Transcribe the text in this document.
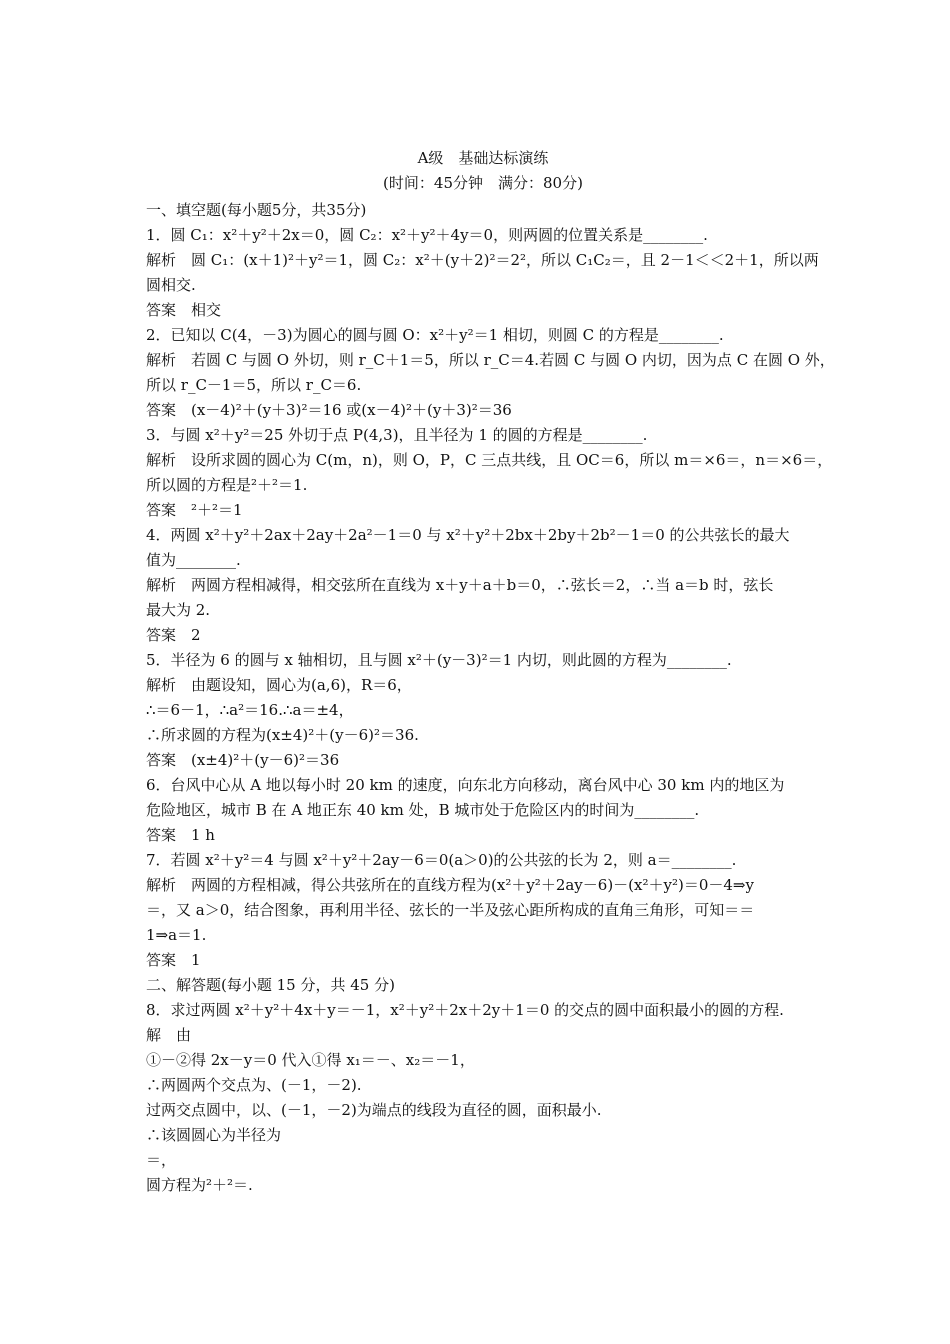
A级　基础达标演练
(时间：45分钟　满分：80分)
一、填空题(每小题5分，共35分)
1．圆 C₁：x²＋y²＋2x＝0，圆 C₂：x²＋y²＋4y＝0，则两圆的位置关系是________.
解析　圆 C₁：(x＋1)²＋y²＝1，圆 C₂：x²＋(y＋2)²＝2²，所以 C₁C₂＝，且 2－1＜＜2＋1，所以两
圆相交.
答案　相交
2．已知以 C(4，－3)为圆心的圆与圆 O：x²＋y²＝1 相切，则圆 C 的方程是________.
解析　若圆 C 与圆 O 外切，则 r_C＋1＝5，所以 r_C＝4.若圆 C 与圆 O 内切，因为点 C 在圆 O 外，
所以 r_C－1＝5，所以 r_C＝6.
答案　(x－4)²＋(y＋3)²＝16 或(x－4)²＋(y＋3)²＝36
3．与圆 x²＋y²＝25 外切于点 P(4,3)，且半径为 1 的圆的方程是________.
解析　设所求圆的圆心为 C(m，n)，则 O，P，C 三点共线，且 OC＝6，所以 m＝×6＝，n＝×6＝，
所以圆的方程是²＋²＝1.
答案　²＋²＝1
4．两圆 x²＋y²＋2ax＋2ay＋2a²－1＝0 与 x²＋y²＋2bx＋2by＋2b²－1＝0 的公共弦长的最大
值为________.
解析　两圆方程相减得，相交弦所在直线为 x＋y＋a＋b＝0，∴弦长＝2，∴当 a＝b 时，弦长
最大为 2.
答案　2
5．半径为 6 的圆与 x 轴相切，且与圆 x²＋(y－3)²＝1 内切，则此圆的方程为________.
解析　由题设知，圆心为(a,6)，R＝6，
∴＝6－1，∴a²＝16.∴a＝±4，
∴所求圆的方程为(x±4)²＋(y－6)²＝36.
答案　(x±4)²＋(y－6)²＝36
6．台风中心从 A 地以每小时 20 km 的速度，向东北方向移动，离台风中心 30 km 内的地区为
危险地区，城市 B 在 A 地正东 40 km 处，B 城市处于危险区内的时间为________.
答案　1 h
7．若圆 x²＋y²＝4 与圆 x²＋y²＋2ay－6＝0(a＞0)的公共弦的长为 2，则 a＝________.
解析　两圆的方程相减，得公共弦所在的直线方程为(x²＋y²＋2ay－6)－(x²＋y²)＝0－4⇒y
＝，又 a＞0，结合图象，再利用半径、弦长的一半及弦心距所构成的直角三角形，可知＝＝
1⇒a＝1.
答案　1
二、解答题(每小题 15 分，共 45 分)
8．求过两圆 x²＋y²＋4x＋y＝－1，x²＋y²＋2x＋2y＋1＝0 的交点的圆中面积最小的圆的方程.
解　由
①－②得 2x－y＝0 代入①得 x₁＝－、x₂＝－1，
∴两圆两个交点为、(－1，－2).
过两交点圆中，以、(－1，－2)为端点的线段为直径的圆，面积最小.
∴该圆圆心为半径为
＝，
圆方程为²＋²＝.
